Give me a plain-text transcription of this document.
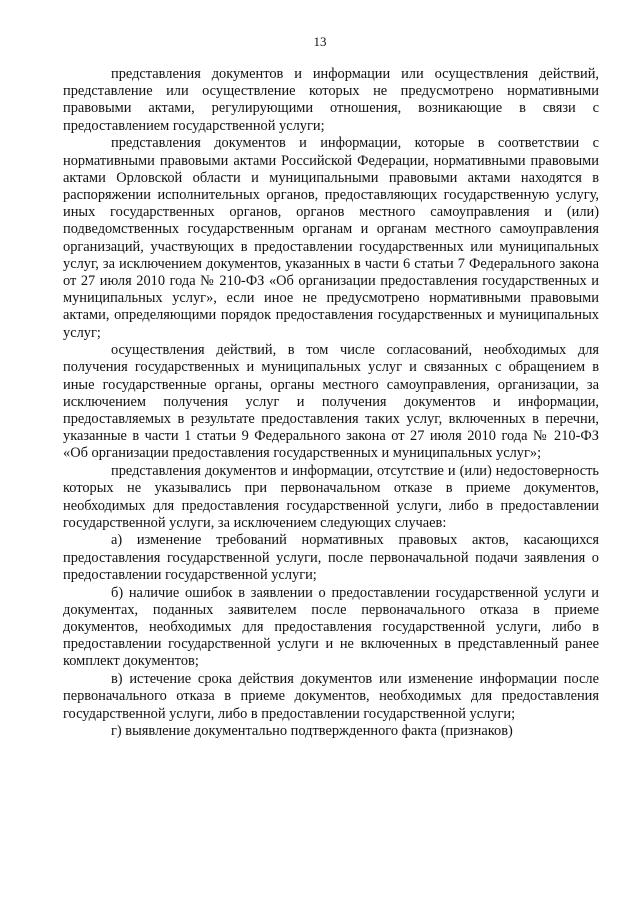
13

представления документов и информации или осуществления действий, представление или осуществление которых не предусмотрено нормативными правовыми актами, регулирующими отношения, возникающие в связи с предоставлением государственной услуги;

представления документов и информации, которые в соответствии с нормативными правовыми актами Российской Федерации, нормативными правовыми актами Орловской области и муниципальными правовыми актами находятся в распоряжении исполнительных органов, предоставляющих государственную услугу, иных государственных органов, органов местного самоуправления и (или) подведомственных государственным органам и органам местного самоуправления организаций, участвующих в предоставлении государственных или муниципальных услуг, за исключением документов, указанных в части 6 статьи 7 Федерального закона от 27 июля 2010 года № 210-ФЗ «Об организации предоставления государственных и муниципальных услуг», если иное не предусмотрено нормативными правовыми актами, определяющими порядок предоставления государственных и муниципальных услуг;

осуществления действий, в том числе согласований, необходимых для получения государственных и муниципальных услуг и связанных с обращением в иные государственные органы, органы местного самоуправления, организации, за исключением получения услуг и получения документов и информации, предоставляемых в результате предоставления таких услуг, включенных в перечни, указанные в части 1 статьи 9 Федерального закона от 27 июля 2010 года № 210-ФЗ «Об организации предоставления государственных и муниципальных услуг»;

представления документов и информации, отсутствие и (или) недостоверность которых не указывались при первоначальном отказе в приеме документов, необходимых для предоставления государственной услуги, либо в предоставлении государственной услуги, за исключением следующих случаев:

а) изменение требований нормативных правовых актов, касающихся предоставления государственной услуги, после первоначальной подачи заявления о предоставлении государственной услуги;

б) наличие ошибок в заявлении о предоставлении государственной услуги и документах, поданных заявителем после первоначального отказа в приеме документов, необходимых для предоставления государственной услуги, либо в предоставлении государственной услуги и не включенных в представленный ранее комплект документов;

в) истечение срока действия документов или изменение информации после первоначального отказа в приеме документов, необходимых для предоставления государственной услуги, либо в предоставлении государственной услуги;

г) выявление документально подтвержденного факта (признаков)
